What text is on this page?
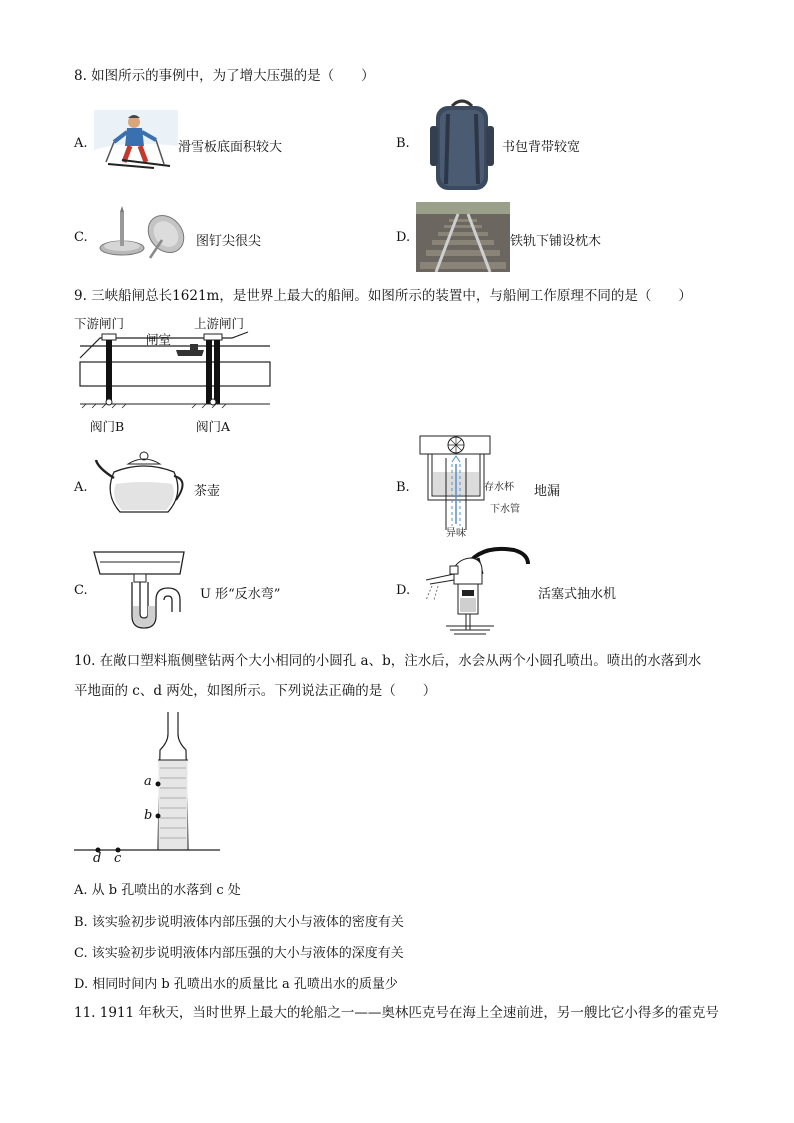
8. 如图所示的事例中，为了增大压强的是（　　）
A.	滑雪板底面积较大	B.	书包背带较宽
C.	图钉尖很尖	D.	铁轨下铺设枕木
9. 三峡船闸总长1621m，是世界上最大的船闸。如图所示的装置中，与船闸工作原理不同的是（　　）
下游闸门	上游闸门
闸室
阀门B	阀门A
A.	茶壶	B.	存水杯 地漏
下水管
异味
C.	U 形“反水弯”	D.	活塞式抽水机
10. 在敞口塑料瓶侧壁钻两个大小相同的小圆孔 a、b，注水后，水会从两个小圆孔喷出。喷出的水落到水
平地面的 c、d 两处，如图所示。下列说法正确的是（　　）
a
b
d c
A. 从 b 孔喷出的水落到 c 处
B. 该实验初步说明液体内部压强的大小与液体的密度有关
C. 该实验初步说明液体内部压强的大小与液体的深度有关
D. 相同时间内 b 孔喷出水的质量比 a 孔喷出水的质量少
11. 1911 年秋天，当时世界上最大的轮船之一——奥林匹克号在海上全速前进，另一艘比它小得多的霍克号
